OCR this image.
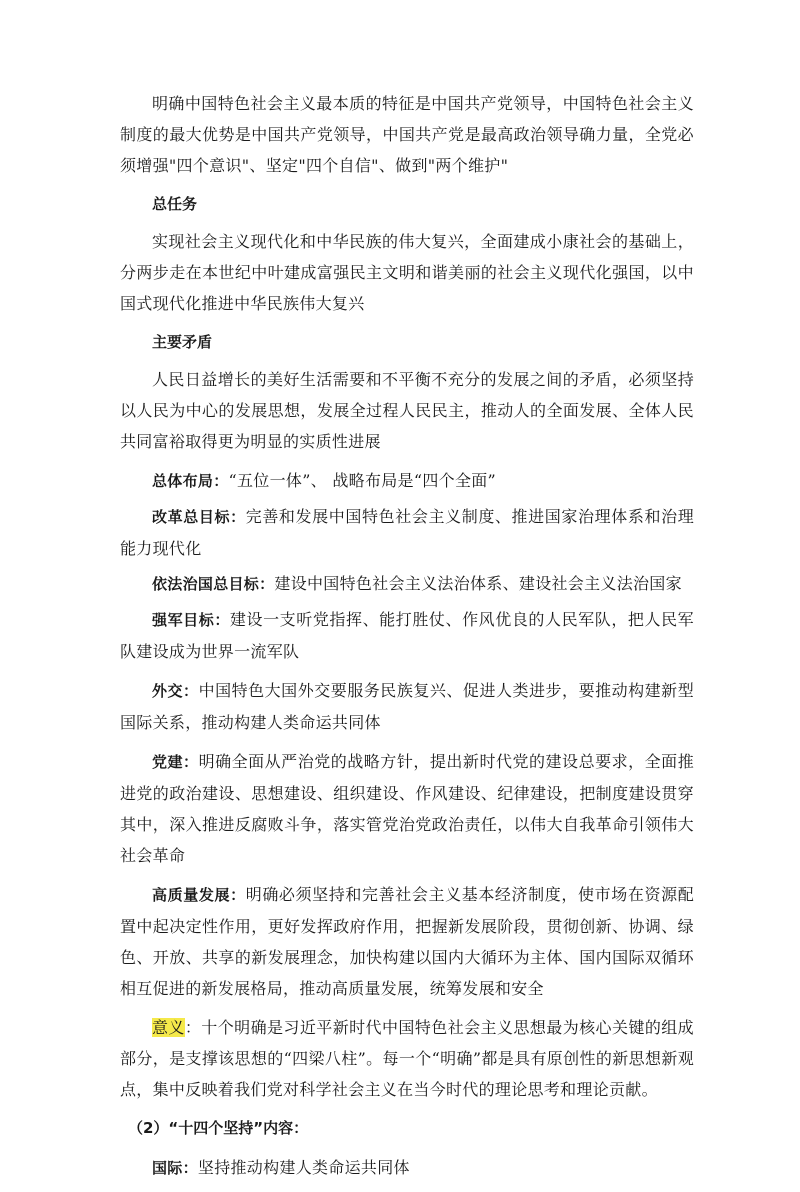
明确中国特色社会主义最本质的特征是中国共产党领导，中国特色社会主义制度的最大优势是中国共产党领导，中国共产党是最高政治领导确力量，全党必须增强"四个意识"、坚定"四个自信"、做到"两个维护"

总任务

实现社会主义现代化和中华民族的伟大复兴，全面建成小康社会的基础上，分两步走在本世纪中叶建成富强民主文明和谐美丽的社会主义现代化强国，以中国式现代化推进中华民族伟大复兴

主要矛盾

人民日益增长的美好生活需要和不平衡不充分的发展之间的矛盾，必须坚持以人民为中心的发展思想，发展全过程人民民主，推动人的全面发展、全体人民共同富裕取得更为明显的实质性进展

总体布局：“五位一体”、 战略布局是“四个全面”

改革总目标：完善和发展中国特色社会主义制度、推进国家治理体系和治理能力现代化

依法治国总目标：建设中国特色社会主义法治体系、建设社会主义法治国家

强军目标：建设一支听党指挥、能打胜仗、作风优良的人民军队，把人民军队建设成为世界一流军队

外交：中国特色大国外交要服务民族复兴、促进人类进步，要推动构建新型国际关系，推动构建人类命运共同体

党建：明确全面从严治党的战略方针，提出新时代党的建设总要求，全面推进党的政治建设、思想建设、组织建设、作风建设、纪律建设，把制度建设贯穿其中，深入推进反腐败斗争，落实管党治党政治责任，以伟大自我革命引领伟大社会革命

高质量发展：明确必须坚持和完善社会主义基本经济制度，使市场在资源配置中起决定性作用，更好发挥政府作用，把握新发展阶段，贯彻创新、协调、绿色、开放、共享的新发展理念，加快构建以国内大循环为主体、国内国际双循环相互促进的新发展格局，推动高质量发展，统筹发展和安全

意义：十个明确是习近平新时代中国特色社会主义思想最为核心关键的组成部分，是支撑该思想的“四梁八柱”。每一个“明确”都是具有原创性的新思想新观点，集中反映着我们党对科学社会主义在当今时代的理论思考和理论贡献。

（2）“十四个坚持”内容：

国际：坚持推动构建人类命运共同体
